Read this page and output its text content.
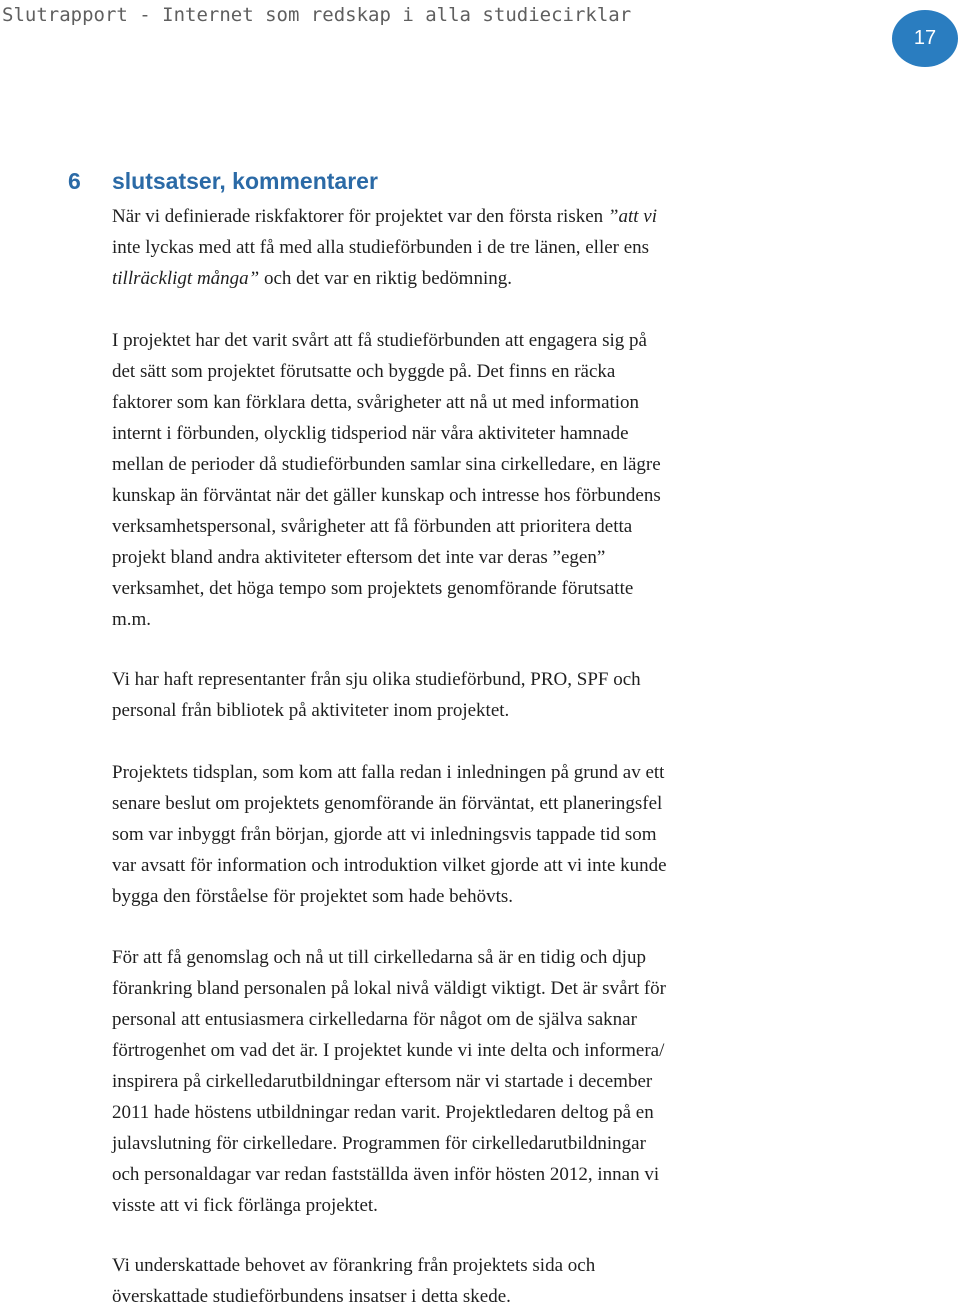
Slutrapport - Internet som redskap i alla studiecirklar
17
6 slutsatser, kommentarer
När vi definierade riskfaktorer för projektet var den första risken ”att vi
inte lyckas med att få med alla studieförbunden i de tre länen, eller ens
tillräckligt många” och det var en riktig bedömning.
I projektet har det varit svårt att få studieförbunden att engagera sig på
det sätt som projektet förutsatte och byggde på. Det finns en räcka
faktorer som kan förklara detta, svårigheter att nå ut med information
internt i förbunden, olycklig tidsperiod när våra aktiviteter hamnade
mellan de perioder då studieförbunden samlar sina cirkelledare, en lägre
kunskap än förväntat när det gäller kunskap och intresse hos förbundens
verksamhetspersonal, svårigheter att få förbunden att prioritera detta
projekt bland andra aktiviteter eftersom det inte var deras ”egen”
verksamhet, det höga tempo som projektets genomförande förutsatte
m.m.
Vi har haft representanter från sju olika studieförbund, PRO, SPF och
personal från bibliotek på aktiviteter inom projektet.
Projektets tidsplan, som kom att falla redan i inledningen på grund av ett
senare beslut om projektets genomförande än förväntat, ett planeringsfel
som var inbyggt från början, gjorde att vi inledningsvis tappade tid som
var avsatt för information och introduktion vilket gjorde att vi inte kunde
bygga den förståelse för projektet som hade behövts.
För att få genomslag och nå ut till cirkelledarna så är en tidig och djup
förankring bland personalen på lokal nivå väldigt viktigt. Det är svårt för
personal att entusiasmera cirkelledarna för något om de själva saknar
förtrogenhet om vad det är. I projektet kunde vi inte delta och informera/
inspirera på cirkelledarutbildningar eftersom när vi startade i december
2011 hade höstens utbildningar redan varit. Projektledaren deltog på en
julavslutning för cirkelledare. Programmen för cirkelledarutbildningar
och personaldagar var redan fastställda även inför hösten 2012, innan vi
visste att vi fick förlänga projektet.
Vi underskattade behovet av förankring från projektets sida och
överskattade studieförbundens insatser i detta skede.
